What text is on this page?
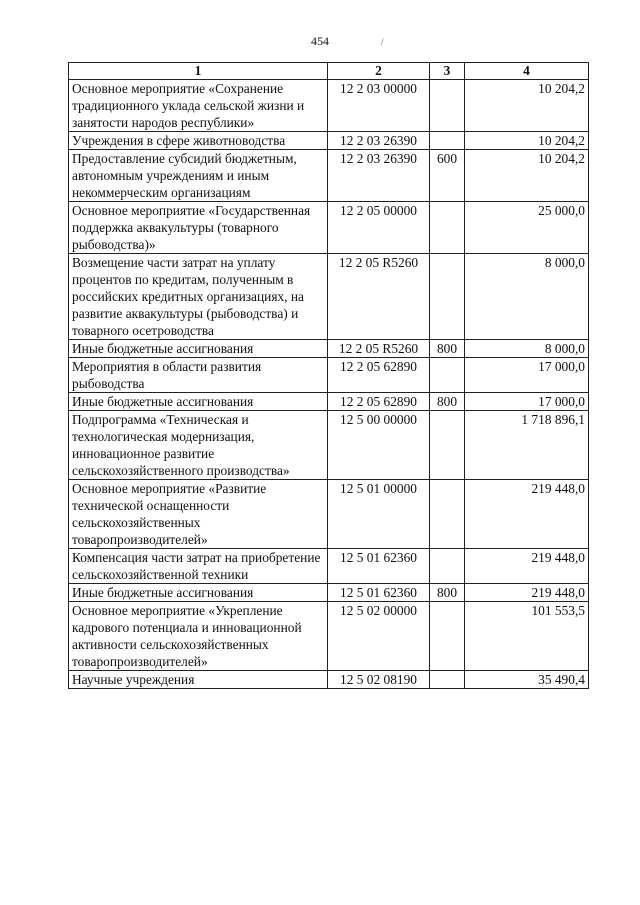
454	/
1	2	3	4
Основное мероприятие «Сохранение традиционного уклада сельской жизни и занятости народов республики»	12 2 03 00000		10 204,2
Учреждения в сфере животноводства	12 2 03 26390		10 204,2
Предоставление субсидий бюджетным, автономным учреждениям и иным некоммерческим организациям	12 2 03 26390	600	10 204,2
Основное мероприятие «Государственная поддержка аквакультуры (товарного рыбоводства)»	12 2 05 00000		25 000,0
Возмещение части затрат на уплату процентов по кредитам, полученным в российских кредитных организациях, на развитие аквакультуры (рыбоводства) и товарного осетроводства	12 2 05 R5260		8 000,0
Иные бюджетные ассигнования	12 2 05 R5260	800	8 000,0
Мероприятия в области развития рыбоводства	12 2 05 62890		17 000,0
Иные бюджетные ассигнования	12 2 05 62890	800	17 000,0
Подпрограмма «Техническая и технологическая модернизация, инновационное развитие сельскохозяйственного производства»	12 5 00 00000		1 718 896,1
Основное мероприятие «Развитие технической оснащенности сельскохозяйственных товаропроизводителей»	12 5 01 00000		219 448,0
Компенсация части затрат на приобретение сельскохозяйственной техники	12 5 01 62360		219 448,0
Иные бюджетные ассигнования	12 5 01 62360	800	219 448,0
Основное мероприятие «Укрепление кадрового потенциала и инновационной активности сельскохозяйственных товаропроизводителей»	12 5 02 00000		101 553,5
Научные учреждения	12 5 02 08190		35 490,4
